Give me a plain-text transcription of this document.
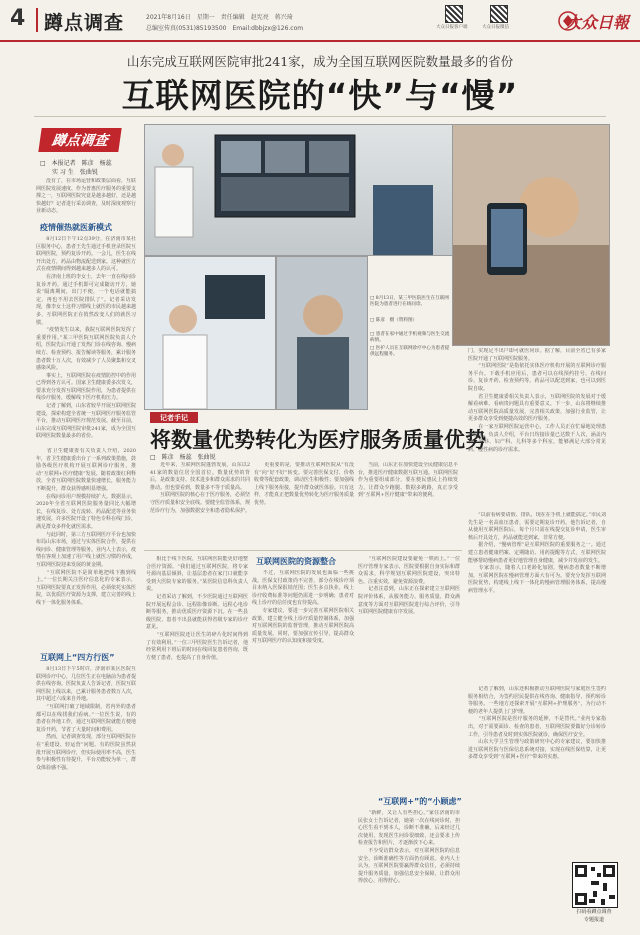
4 蹲点调查	2021年8月16日　星期一　责任编辑　赵宪亮　蒋兴琦
总编室传真(0531)85193500　Email:dbbjzx@126.com	大众日报客户端	大众日报微信	大众日報
山东完成互联网医院审批241家，成为全国互联网医院数量最多的省份
互联网医院的“快”与“慢”
蹲点调查
□　本报记者　陈彦　杨蕊
　　实 习 生　张曲锐
　　没有了，在市场运营和政策层面看，互联网医院发展速度、作为普惠医疗服务的重要支撑之一，互联网医院究竟是越多越好，还是越快越好？记者进行采访调查，及时深度观察行业新动态。
疫情催热就医新模式
　　8月12日下午12点39分，在济南市某社区服务中心，患者王先生通过手机登录医院互联网医院，预约复诊开药。一会儿，医生在线开出处方，药品由物流配送到家。这种就医方式在疫情期间得到越来越多人的认可。
　　在济南上班的李女士，去年一直在线问诊复诊开药，通过手机即可完成随访开方，她说“隔离期间，出门不便，一个电话就能搞定，再也不用去医院排队了”。记者采访发现，像李女士这样习惯线上就医的市民越来越多，互联网医院正在悄然改变人们的就医习惯。
　　“疫情发生以来，我院互联网医院发挥了重要作用。”某三甲医院互联网医院负责人介绍，医院先后开通了发热门诊在线咨询、慢病续方、检查预约、报告解读等服务，累计服务患者数十万人次，有效减少了人员聚集和交叉感染风险。
　　事实上，互联网医院在疫情防控中的作用已得到各方认可。国家卫生健康委多次发文，要求充分发挥互联网医院作用，为患者提供在线诊疗服务，缓解线下医疗机构压力。
　　记者了解到，山东省较早开展互联网医院建设，探索构建全省统一互联网医疗服务监管平台，推动互联网医疗规范发展。截至目前，山东完成互联网医院审批241家，成为全国互联网医院数量最多的省份。
　　省卫生健康委有关负责人介绍，2020年，省卫生健康委出台了一系列政策措施，鼓励各级医疗机构开展互联网诊疗服务，推动“互联网+医疗健康”发展。随着政策红利释放，全省互联网医院数量快速增长，服务能力不断提升，群众获得感明显增强。
　　在线问诊用户规模持续扩大。数据显示，2020年全省互联网医院服务量同比大幅增长，在线复诊、处方流转、药品配送等业务快速发展。许多医院开设了特色专科在线门诊，满足群众多样化就医需求。
　　与此同时，第三方互联网医疗平台也加快布局山东市场，通过与实体医院合作，提供在线问诊、健康管理等服务。业内人士表示，疫情在客观上加速了用户线上就医习惯的养成，互联网医院迎来发展的黄金期。
　　“互联网医院不是简单地把线下搬到线上。”一位长期关注医疗信息化的专家表示，互联网医院要真正发挥作用，必须依托实体医院，以优质医疗资源为支撑，建立完善的线上线下一体化服务体系。
互联网上“四方行医”
　　8月13日下午5时许，济南市某区医院互联网诊疗中心，几位医生正在电脑前为患者提供在线咨询。医院负责人告诉记者，医院互联网医院上线以来，已累计服务患者数万人次，其中超过六成来自外地。
　　“互联网打破了地域限制，省内外的患者都可以在线找我们看病。”一位医生说，有的患者在外地工作，通过互联网医院就能方便地复诊开药，节省了大量时间和费用。
　　然而，记者调查发现，部分互联网医院存在“重建设、轻运营”问题。有的医院虽然获批开展互联网诊疗，但实际使用率不高，医生参与积极性有待提升，平台功能较为单一，群众体验感不强。
□ 8月13日，某三甲医院医生在互联网医院为患者进行在线问诊。
□ 陈彦　摄（资料图）
□ 患者在家中通过手机视频与医生交流病情。
□ 医护人员在互联网诊疗中心为患者提供远程服务。
记者手记
将数量优势转化为医疗服务质量优势
□　陈彦　杨蕊　张曲锐
　　近年来，互联网医院蓬勃发展，山东以241家的数量位居全国首位。数量优势的背后，是政策支持、技术进步和群众需求的共同推动。但也要看到，数量多不等于质量高。
　　互联网医院的核心在于医疗服务，必须坚守医疗质量和安全底线。要健全监管体系，规范诊疗行为，加强数据安全和患者隐私保护。
　　更重要的是，要推动互联网医院从“有没有”向“好不好”转变。要完善医保支付、价格收费等配套政策，调动医生积极性；要加强线上线下服务衔接，提升群众就医体验。只有这样，才能真正把数量优势转化为医疗服务质量优势。
　　当前，山东正在加快建设全民健康信息平台，推进医疗健康数据互联互通。互联网医院作为重要组成部分，要在便民惠民上持续发力，让群众少跑腿、数据多跑路，真正享受到“互联网+医疗健康”带来的便利。
　　相比于线下医院，互联网医院能更好地整合医疗资源。“我们通过互联网医院，将专家号源向基层倾斜，让基层患者在家门口就能享受到大医院专家的服务。”某医院信息科负责人说。
　　记者采访了解到，不少医院通过互联网医院开展远程会诊、远程影像诊断、远程心电诊断等服务，推动优质医疗资源下沉。在一些县级医院，患者不出县就能获得省级专家的诊疗意见。
　　“互联网医院还让医生的碎片化时间得到了有效利用。”一位三甲医院医生告诉记者，他经常利用下班后的时间在线回复患者咨询，既方便了患者，也提高了自身价值。
互联网医院的资源整合
　　不过，互联网医院的发展也面临一些挑战。医保支付政策尚不完善，部分在线诊疗项目未纳入医保报销范围；医生多点执业、线上诊疗收费标准等问题仍需进一步明确；患者对线上诊疗的信任度也有待提高。
　　专家建议，要进一步完善互联网医院相关政策，建立健全线上诊疗质量控制体系，加强对互联网医院的监督管理，推动互联网医院高质量发展。同时，要加强宣传引导，提高群众对互联网医疗的认知度和接受度。
　　“互联网医院建设要避免一哄而上。”一位医疗管理专家表示，医院要根据自身实际和群众需求，科学规划互联网医院建设，突出特色、注重实效，避免资源浪费。
　　记者注意到，山东正在探索建立互联网医院评价体系，从服务能力、服务质量、群众满意度等方面对互联网医院进行综合评价，引导互联网医院健康有序发展。
“互联网+”的“小顾虑”
　　“新鲜，又让人有些担心。”家住济南的市民张女士告诉记者，她第一次在线问诊时，担心医生看不到本人，诊断不准确。后来经过几次使用，发现医生问诊很细致，还会要求上传检查报告和照片，才逐渐放下心来。
　　不少受访群众表示，对互联网医院的信息安全、诊断准确性等方面仍有顾虑。业内人士认为，互联网医院要赢得群众信任，必须持续提升服务质量，加强信息安全保障，让群众用得放心、用得舒心。
门，实现足不出户即可就医问诊。据了解，目前全省已有多家医院开通了互联网医院服务。
　　“互联网医院”是指依托实体医疗机构开展的互联网诊疗服务平台。下载手机应用后，患者可以在线预约挂号、在线问诊、复诊开药、检查预约等。药品可以配送到家，也可以到医院自取。
　　省卫生健康委相关负责人表示，互联网医院的发展对于缓解看病难、看病贵问题具有重要意义。下一步，山东将继续推动互联网医院高质量发展，完善相关政策，加强行业监管，让更多群众享受到便捷高效的医疗服务。
　　在一家互联网医院运营中心，工作人员正在忙碌地处理患者咨询。负责人介绍，平台日均接诊量已达数千人次，涵盖内科、外科、妇产科、儿科等多个科室，能够满足大部分常见病、慢性病的诊疗需求。
　　“以前看病要请假、排队，现在在手机上就能搞定。”市民刘先生是一名高血压患者，需要定期复诊开药。他告诉记者，自从使用互联网医院后，每个月只需在线提交复诊申请，医生审核后开具处方，药品就能送到家，非常方便。
　　据介绍，“慢病管理”是互联网医院的重要服务之一。通过建立患者健康档案、定期随访、用药提醒等方式，互联网医院能够帮助慢病患者更好地管理自身健康，减少并发症的发生。
　　专家表示，随着人口老龄化加剧，慢病患者数量不断增加，互联网医院在慢病管理方面大有可为。要充分发挥互联网医院优势，构建线上线下一体化的慢病管理服务体系，提高慢病管理水平。
　　记者了解到，山东还积极推动互联网医院与家庭医生签约服务相结合，为签约居民提供在线咨询、健康指导、预约转诊等服务。一些地方还探索开展“互联网+护理服务”，为行动不便的老年人提供上门护理。
　　“互联网医院是医疗服务的延伸，不是替代。”业内专家指出，对于需要面诊、检查的患者，互联网医院要做好分诊转诊工作，引导患者及时到实体医院就诊，确保医疗安全。
　　山东大学卫生管理与政策研究中心的专家建议，要加快推进互联网医院与医保信息系统对接，实现在线医保结算，让更多群众享受到“互联网+医疗”带来的实惠。
扫码看蹲点调查
专题报道
